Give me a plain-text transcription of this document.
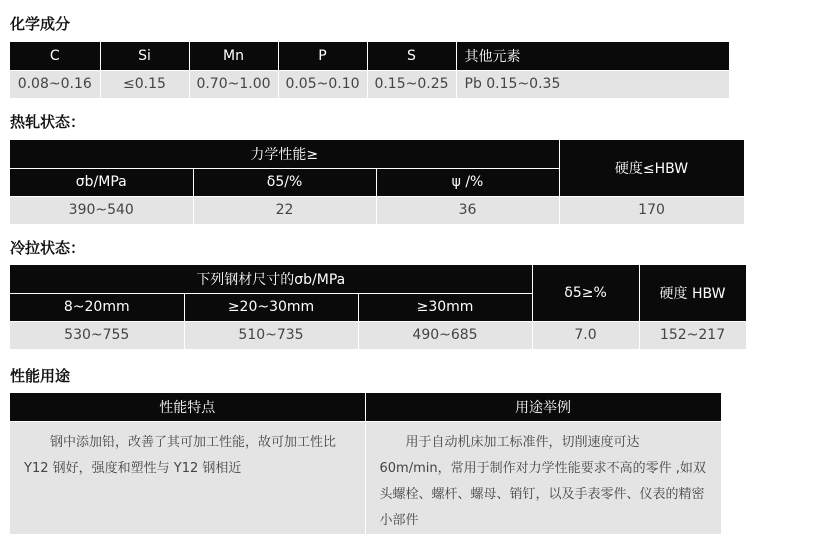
化学成分
C	Si	Mn	P	S	其他元素
0.08~0.16	≤0.15	0.70~1.00	0.05~0.10	0.15~0.25	Pb 0.15~0.35
热轧状态：
力学性能≥			硬度≤HBW
σb/MPa	δ5/%	ψ /%	
390~540	22	36	170
冷拉状态：
下列钢材尺寸的σb/MPa			δ5≥%	硬度 HBW
8~20mm	≥20~30mm	≥30mm		
530~755	510~735	490~685	7.0	152~217
性能用途
性能特点	用途举例
钢中添加铅，改善了其可加工性能，故可加工性比Y12 钢好，强度和塑性与 Y12 钢相近	用于自动机床加工标准件，切削速度可达 60m/min，常用于制作对力学性能要求不高的零件 ,如双头螺栓、螺杆、螺母、销钉，以及手表零件、仪表的精密小部件
